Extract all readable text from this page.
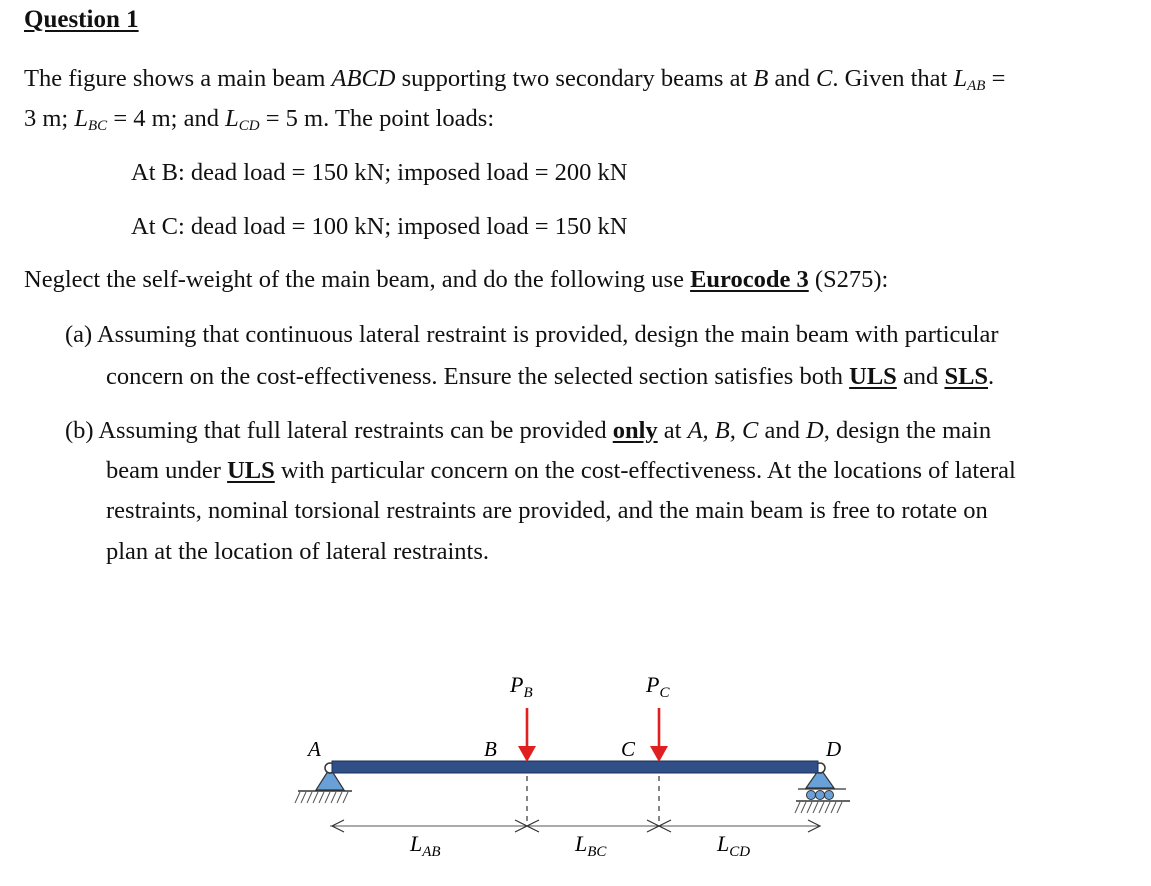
Question 1
The figure shows a main beam ABCD supporting two secondary beams at B and C. Given that $L_{AB}$ =
3 m; $L_{BC} = 4$ m; and $L_{CD} = 5$ m. The point loads:
At B: dead load = 150 kN; imposed load = 200 kN
At C: dead load = 100 kN; imposed load = 150 kN
Neglect the self-weight of the main beam, and do the following use Eurocode 3 (S275):
(a) Assuming that continuous lateral restraint is provided, design the main beam with particular
concern on the cost-effectiveness. Ensure the selected section satisfies both ULS and SLS.
(b) Assuming that full lateral restraints can be provided only at A, B, C and D, design the main
beam under ULS with particular concern on the cost-effectiveness. At the locations of lateral
restraints, nominal torsional restraints are provided, and the main beam is free to rotate on
plan at the location of lateral restraints.
A	B	C	D
$P_B$	$P_C$
$L_{AB}$	$L_{BC}$	$L_{CD}$
